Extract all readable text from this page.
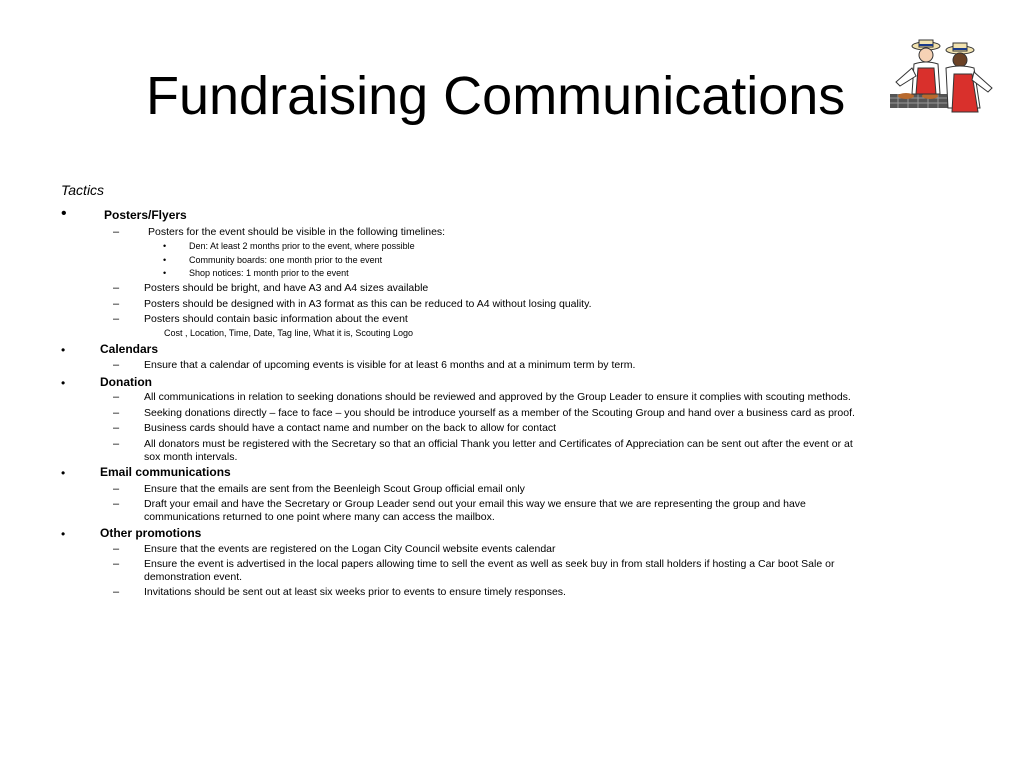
Fundraising Communications
Tactics
•	Posters/Flyers
–	Posters for the event should be visible in the following timelines:
•	Den: At least 2 months prior to the event, where possible
•	Community boards: one month prior to the event
•	Shop notices: 1 month prior to the event
– Posters should be bright, and have A3 and A4 sizes available
– Posters should be designed with in A3 format as this can be reduced to A4 without losing quality.
– Posters should contain basic information about the event
Cost , Location, Time, Date, Tag line, What it is, Scouting Logo
•	Calendars
– Ensure that a calendar of upcoming events is visible for at least 6 months and at a minimum term by term.
•	Donation
– All communications in relation to seeking donations should be reviewed and approved by the Group Leader to ensure it complies with scouting methods.
– Seeking donations directly – face to face – you should be introduce yourself as a member of the Scouting Group and hand over a business card as proof.
– Business cards should have a contact name and number on the back to allow for contact
– All donators must be registered with the Secretary so that an official Thank you letter and Certificates of Appreciation can be sent out after the event or at
sox month intervals.
•	Email communications
– Ensure that the emails are sent from the Beenleigh Scout Group official email only
– Draft your email and have the Secretary or Group Leader send out your email this way we ensure that we are representing the group and have
communications returned to one point where many can access the mailbox.
•	Other promotions
– Ensure that the events are registered on the Logan City Council website events calendar
– Ensure the event is advertised in the local papers allowing time to sell the event as well as seek buy in from stall holders if hosting a Car boot Sale or
demonstration event.
– Invitations should be sent out at least six weeks prior to events to ensure timely responses.
